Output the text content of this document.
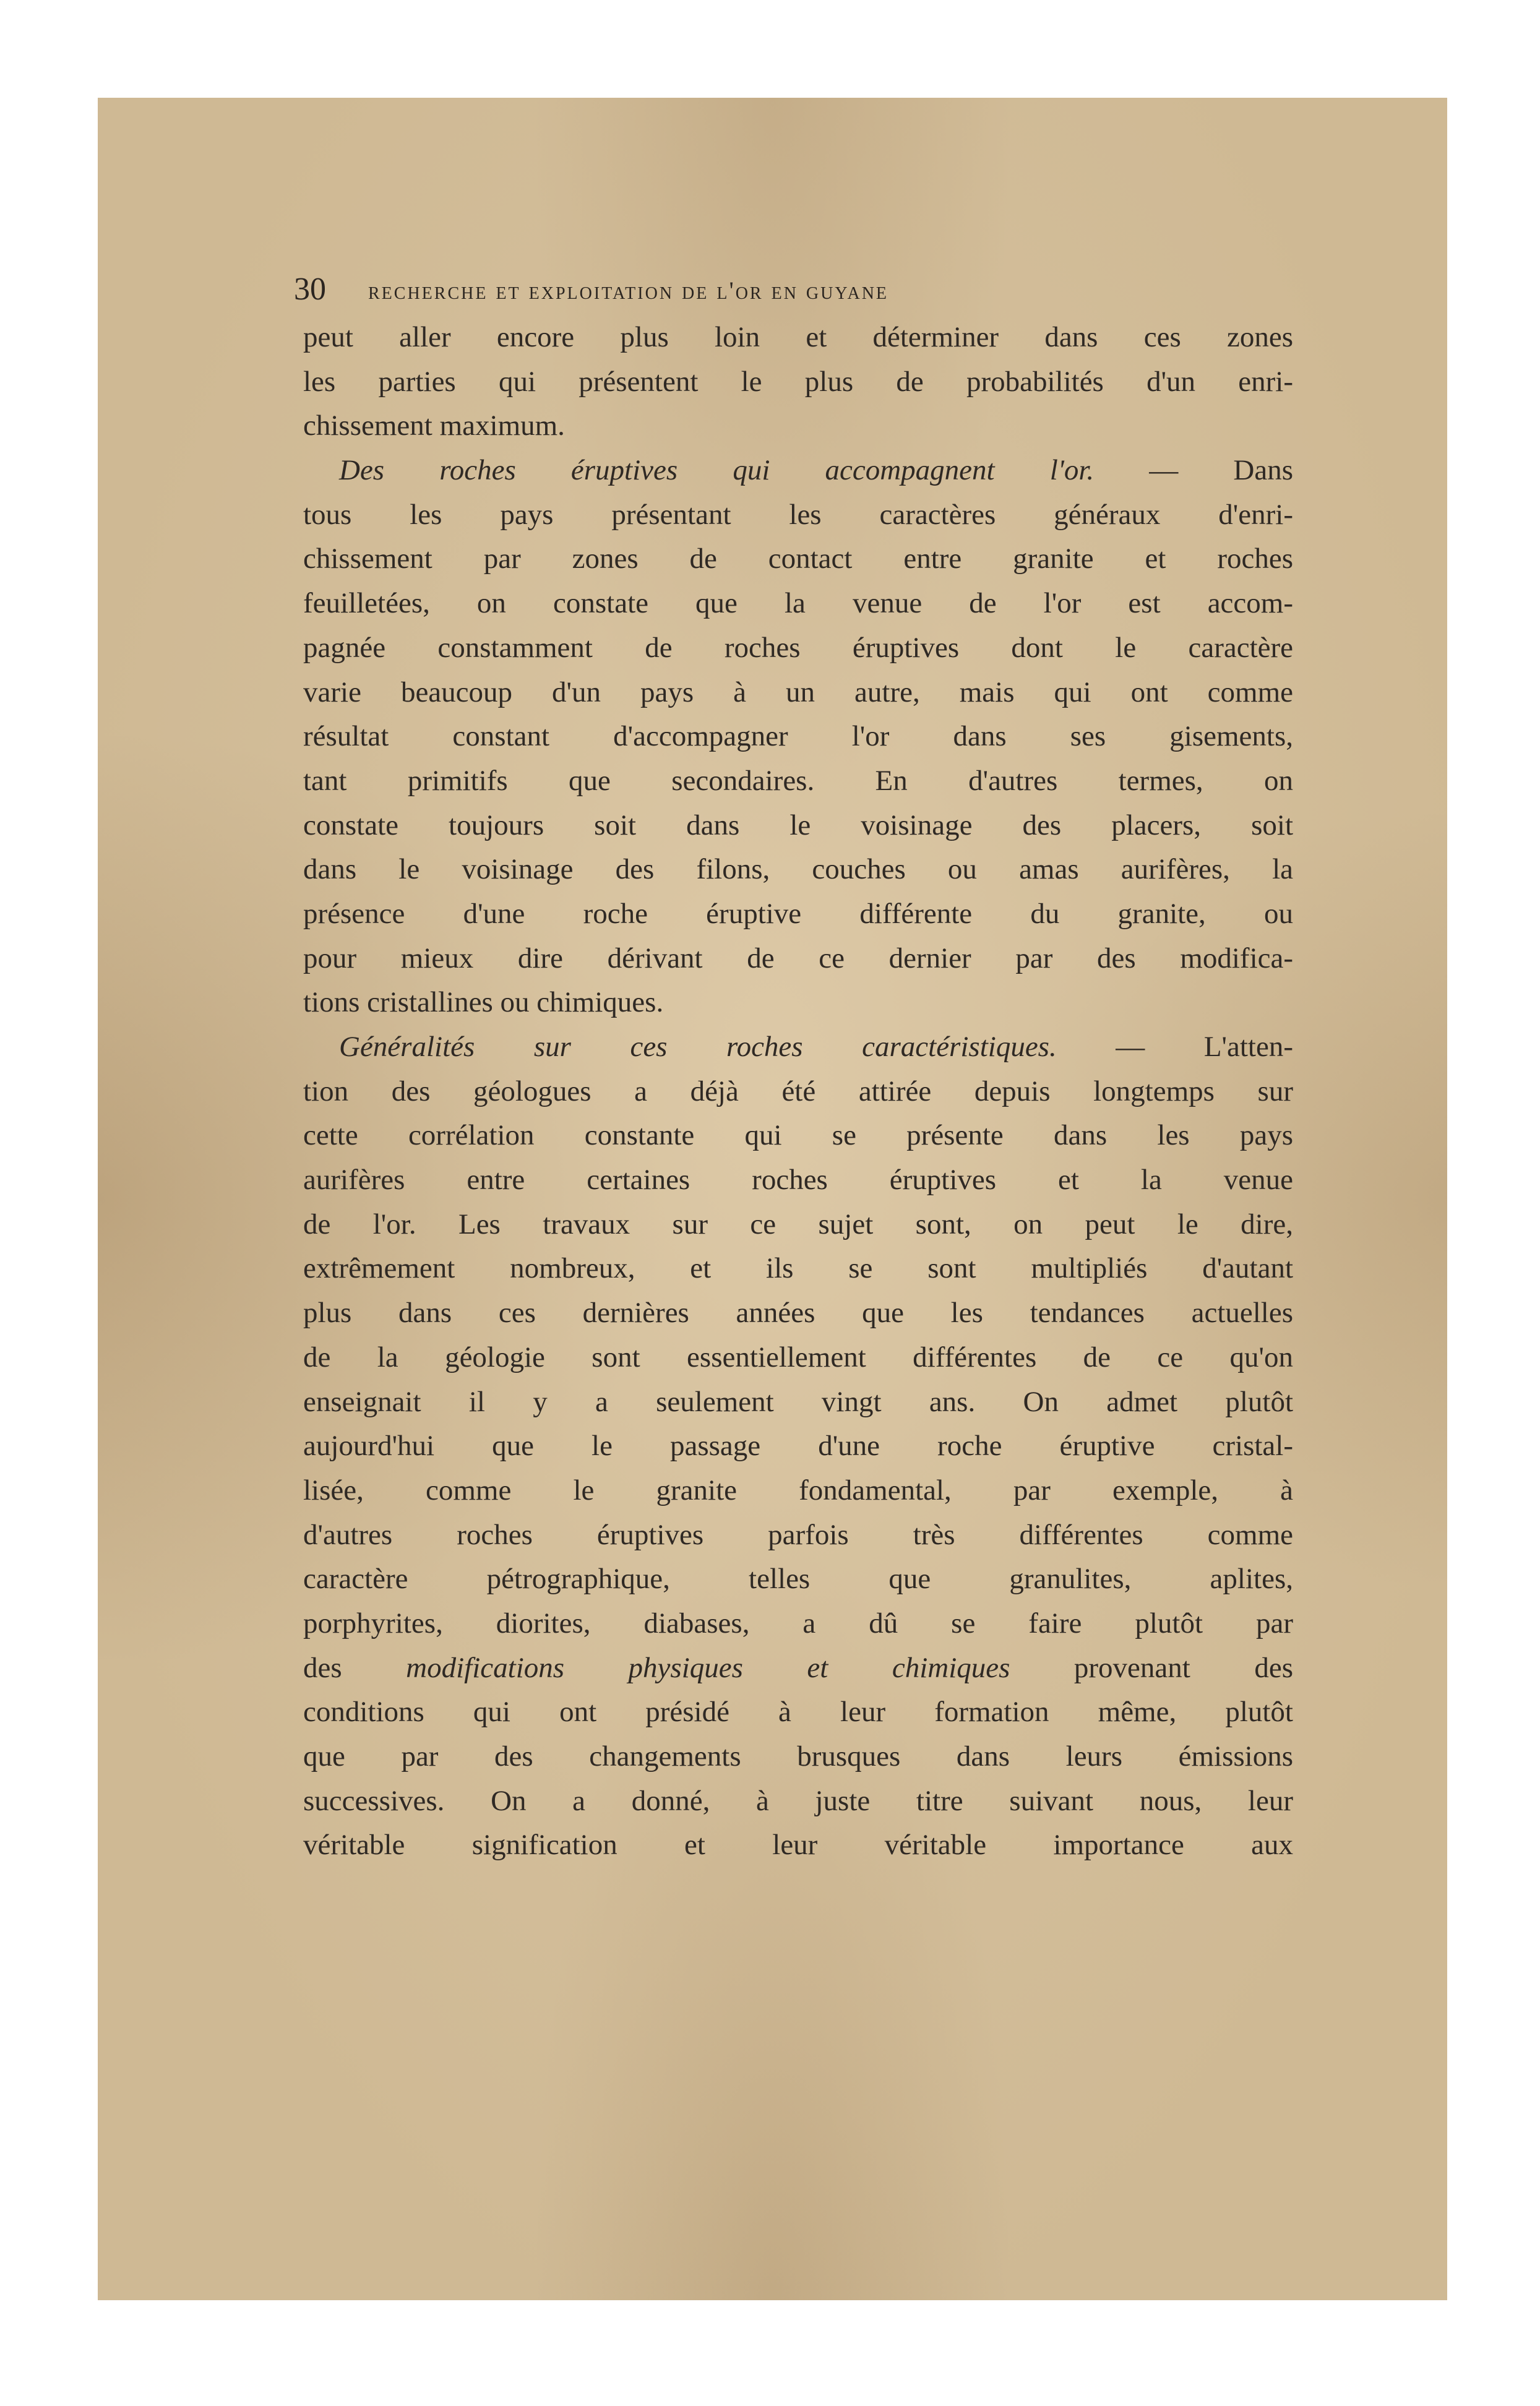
30 recherche et exploitation de l'or en guyane
peut aller encore plus loin et déterminer dans ces zones
les parties qui présentent le plus de probabilités d'un enri-
chissement maximum.
Des roches éruptives qui accompagnent l'or. — Dans
tous les pays présentant les caractères généraux d'enri-
chissement par zones de contact entre granite et roches
feuilletées, on constate que la venue de l'or est accom-
pagnée constamment de roches éruptives dont le caractère
varie beaucoup d'un pays à un autre, mais qui ont comme
résultat constant d'accompagner l'or dans ses gisements,
tant primitifs que secondaires. En d'autres termes, on
constate toujours soit dans le voisinage des placers, soit
dans le voisinage des filons, couches ou amas aurifères, la
présence d'une roche éruptive différente du granite, ou
pour mieux dire dérivant de ce dernier par des modifica-
tions cristallines ou chimiques.
Généralités sur ces roches caractéristiques. — L'atten-
tion des géologues a déjà été attirée depuis longtemps sur
cette corrélation constante qui se présente dans les pays
aurifères entre certaines roches éruptives et la venue
de l'or. Les travaux sur ce sujet sont, on peut le dire,
extrêmement nombreux, et ils se sont multipliés d'autant
plus dans ces dernières années que les tendances actuelles
de la géologie sont essentiellement différentes de ce qu'on
enseignait il y a seulement vingt ans. On admet plutôt
aujourd'hui que le passage d'une roche éruptive cristal-
lisée, comme le granite fondamental, par exemple, à
d'autres roches éruptives parfois très différentes comme
caractère pétrographique, telles que granulites, aplites,
porphyrites, diorites, diabases, a dû se faire plutôt par
des modifications physiques et chimiques provenant des
conditions qui ont présidé à leur formation même, plutôt
que par des changements brusques dans leurs émissions
successives. On a donné, à juste titre suivant nous, leur
véritable signification et leur véritable importance aux
